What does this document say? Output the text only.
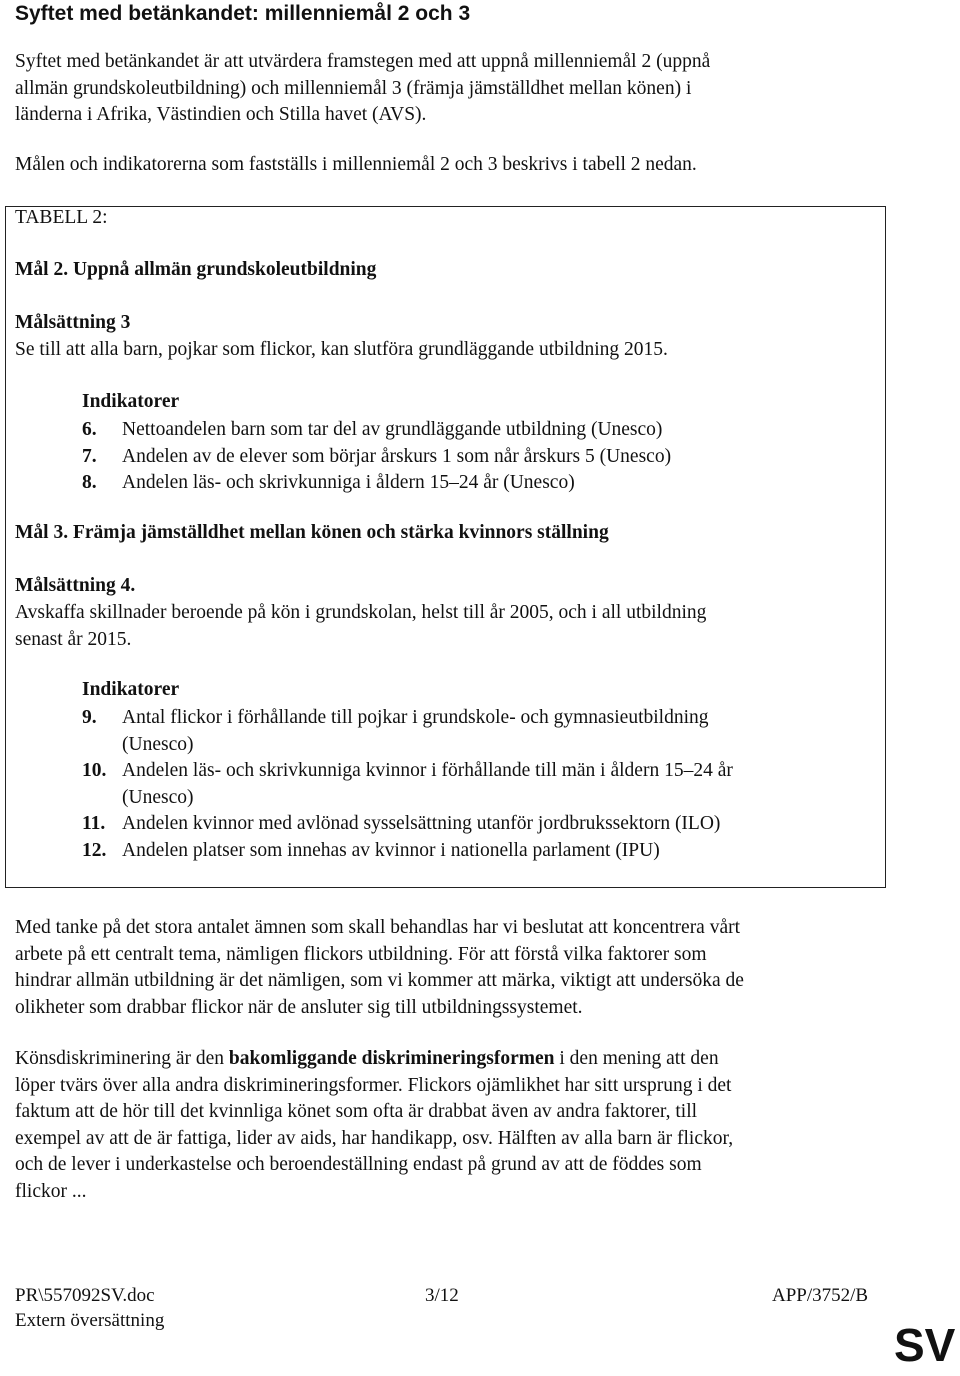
Syftet med betänkandet: millenniemål 2 och 3
Syftet med betänkandet är att utvärdera framstegen med att uppnå millenniemål 2 (uppnå
allmän grundskoleutbildning) och millenniemål 3 (främja jämställdhet mellan könen) i
länderna i Afrika, Västindien och Stilla havet (AVS).
Målen och indikatorerna som fastställs i millenniemål 2 och 3 beskrivs i tabell 2 nedan.
TABELL 2:
Mål 2. Uppnå allmän grundskoleutbildning
Målsättning 3
Se till att alla barn, pojkar som flickor, kan slutföra grundläggande utbildning 2015.
Indikatorer
6.	Nettoandelen barn som tar del av grundläggande utbildning (Unesco)
7.	Andelen av de elever som börjar årskurs 1 som når årskurs 5 (Unesco)
8.	Andelen läs- och skrivkunniga i åldern 15–24 år (Unesco)
Mål 3. Främja jämställdhet mellan könen och stärka kvinnors ställning
Målsättning 4.
Avskaffa skillnader beroende på kön i grundskolan, helst till år 2005, och i all utbildning
senast år 2015.
Indikatorer
9.	Antal flickor i förhållande till pojkar i grundskole- och gymnasieutbildning
(Unesco)
10. Andelen läs- och skrivkunniga kvinnor i förhållande till män i åldern 15–24 år
(Unesco)
11. Andelen kvinnor med avlönad sysselsättning utanför jordbrukssektorn (ILO)
12. Andelen platser som innehas av kvinnor i nationella parlament (IPU)
Med tanke på det stora antalet ämnen som skall behandlas har vi beslutat att koncentrera vårt
arbete på ett centralt tema, nämligen flickors utbildning. För att förstå vilka faktorer som
hindrar allmän utbildning är det nämligen, som vi kommer att märka, viktigt att undersöka de
olikheter som drabbar flickor när de ansluter sig till utbildningssystemet.
Könsdiskriminering är den bakomliggande diskrimineringsformen i den mening att den
löper tvärs över alla andra diskrimineringsformer. Flickors ojämlikhet har sitt ursprung i det
faktum att de hör till det kvinnliga könet som ofta är drabbat även av andra faktorer, till
exempel av att de är fattiga, lider av aids, har handikapp, osv. Hälften av alla barn är flickor,
och de lever i underkastelse och beroendeställning endast på grund av att de föddes som
flickor ...
PR\557092SV.doc	3/12	APP/3752/B
Extern översättning	SV
